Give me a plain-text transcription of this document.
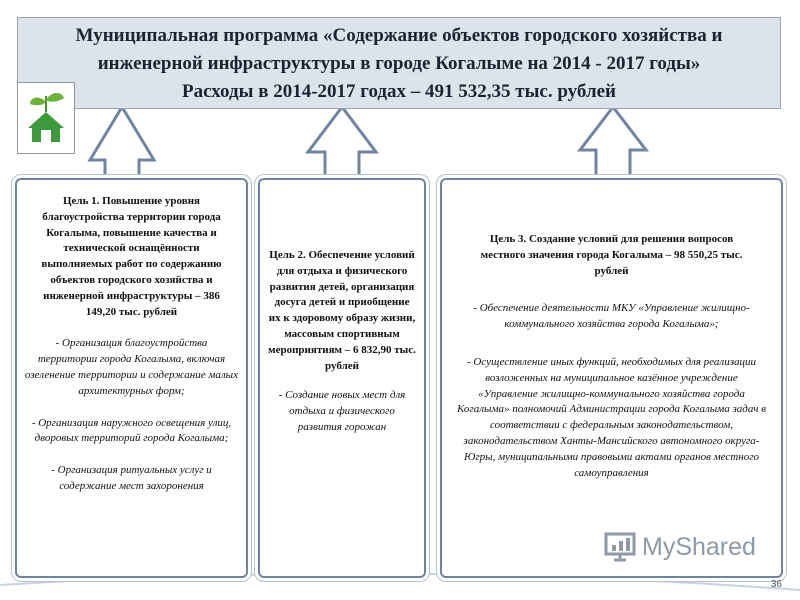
Муниципальная программа «Содержание объектов городского хозяйства и

инженерной инфраструктуры в городе Когалыме на 2014 - 2017 годы»

Расходы в 2014-2017 годах – 491 532,35 тыс. рублей

Цель 1. Повышение уровня благоустройства территории города Когалыма, повышение качества и технической оснащённости выполняемых работ по содержанию объектов городского хозяйства и инженерной инфраструктуры – 386 149,20 тыс. рублей
- Организация благоустройства территории города Когалыма, включая озеленение территории и содержание малых архитектурных форм;
- Организация наружного освещения улиц, дворовых территорий города Когалыма;
- Организация ритуальных услуг и содержание мест захоронения
Цель 2. Обеспечение условий для отдыха и физического развития детей, организация досуга детей и приобщение их к здоровому образу жизни, массовым спортивным мероприятиям – 6 832,90 тыс. рублей
- Создание новых мест для отдыха и физического развития горожан
Цель 3. Создание условий для решения вопросов местного значения города Когалыма – 98 550,25 тыс. рублей
- Обеспечение деятельности МКУ «Управление жилищно-коммунального хозяйства города Когалыма»;
- Осуществление иных функций, необходимых для реализации возложенных на муниципальное казённое учреждение «Управление жилищно-коммунального хозяйства города Когалыма» полномочий Администрации города Когалыма задач в соответствии с федеральным законодательством, законодательством Ханты-Мансийского автономного округа-Югры, муниципальными правовыми актами органов местного самоуправления
MyShared
36
